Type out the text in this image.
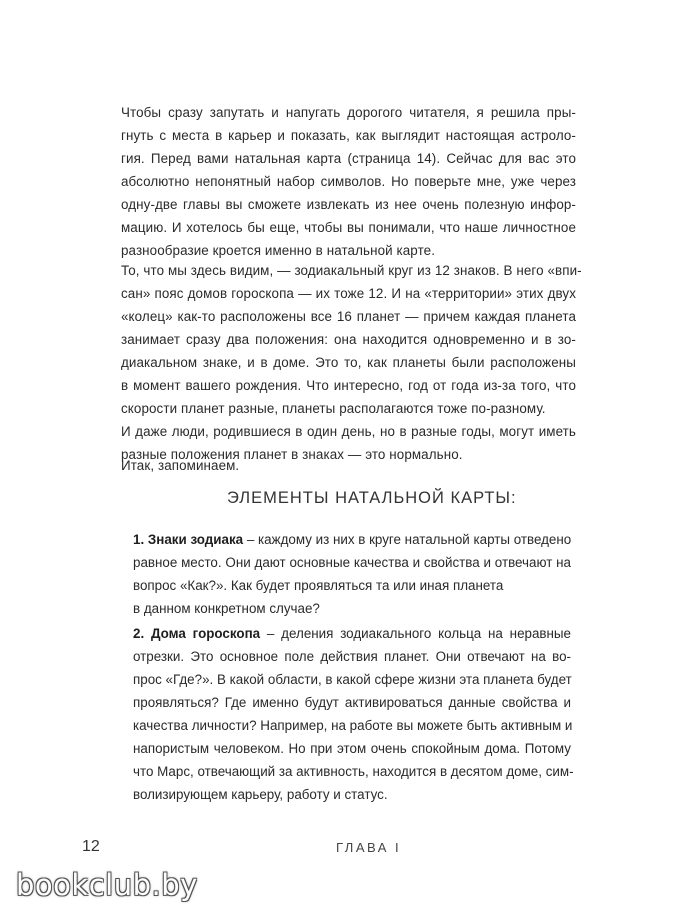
Чтобы сразу запутать и напугать дорогого читателя, я решила пры-
гнуть с места в карьер и показать, как выглядит настоящая астроло-
гия. Перед вами натальная карта (страница 14). Сейчас для вас это
абсолютно непонятный набор символов. Но поверьте мне, уже через
одну-две главы вы сможете извлекать из нее очень полезную инфор-
мацию. И хотелось бы еще, чтобы вы понимали, что наше личностное
разнообразие кроется именно в натальной карте.
То, что мы здесь видим, — зодиакальный круг из 12 знаков. В него «впи-
сан» пояс домов гороскопа — их тоже 12. И на «территории» этих двух
«колец» как-то расположены все 16 планет — причем каждая планета
занимает сразу два положения: она находится одновременно и в зо-
диакальном знаке, и в доме. Это то, как планеты были расположены
в момент вашего рождения. Что интересно, год от года из-за того, что
скорости планет разные, планеты располагаются тоже по-разному.
И даже люди, родившиеся в один день, но в разные годы, могут иметь
разные положения планет в знаках — это нормально.
Итак, запоминаем.
ЭЛЕМЕНТЫ НАТАЛЬНОЙ КАРТЫ:
1. Знаки зодиака – каждому из них в круге натальной карты отведено
равное место. Они дают основные качества и свойства и отвечают на
вопрос «Как?». Как будет проявляться та или иная планета
в данном конкретном случае?
2. Дома гороскопа – деления зодиакального кольца на неравные
отрезки. Это основное поле действия планет. Они отвечают на во-
прос «Где?». В какой области, в какой сфере жизни эта планета будет
проявляться? Где именно будут активироваться данные свойства и
качества личности? Например, на работе вы можете быть активным и
напористым человеком. Но при этом очень спокойным дома. Потому
что Марс, отвечающий за активность, находится в десятом доме, сим-
волизирующем карьеру, работу и статус.
12	ГЛАВА I
bookclub.by
